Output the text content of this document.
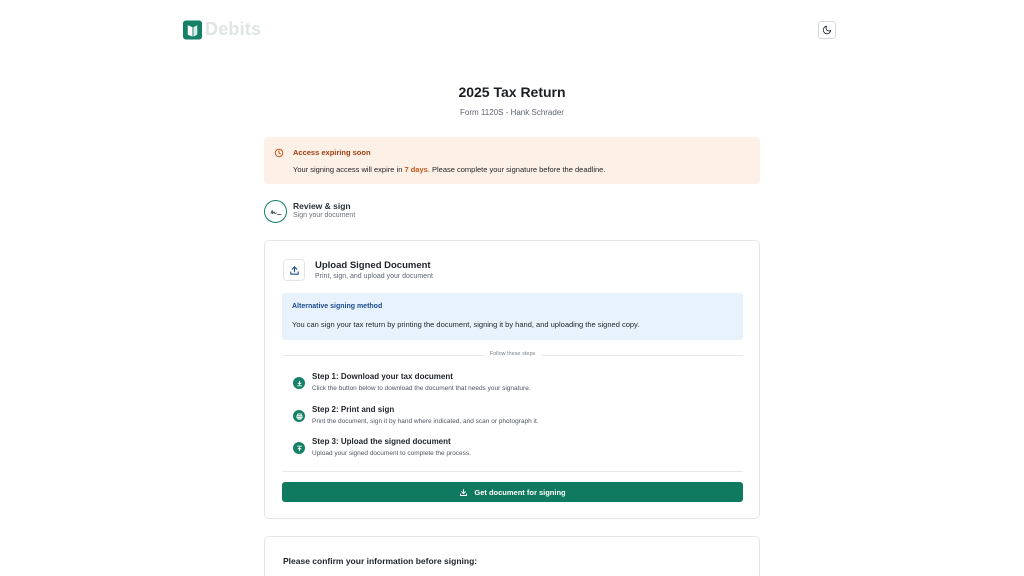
Debits
2025 Tax Return
Form 1120S - Hank Schrader
Access expiring soon
Your signing access will expire in 7 days. Please complete your signature before the deadline.
Review & sign
Sign your document
Upload Signed Document
Print, sign, and upload your document
Alternative signing method
You can sign your tax return by printing the document, signing it by hand, and uploading the signed copy.
Follow these steps
Step 1: Download your tax document
Click the button below to download the document that needs your signature.
Step 2: Print and sign
Print the document, sign it by hand where indicated, and scan or photograph it.
Step 3: Upload the signed document
Upload your signed document to complete the process.
Get document for signing
Please confirm your information before signing:
